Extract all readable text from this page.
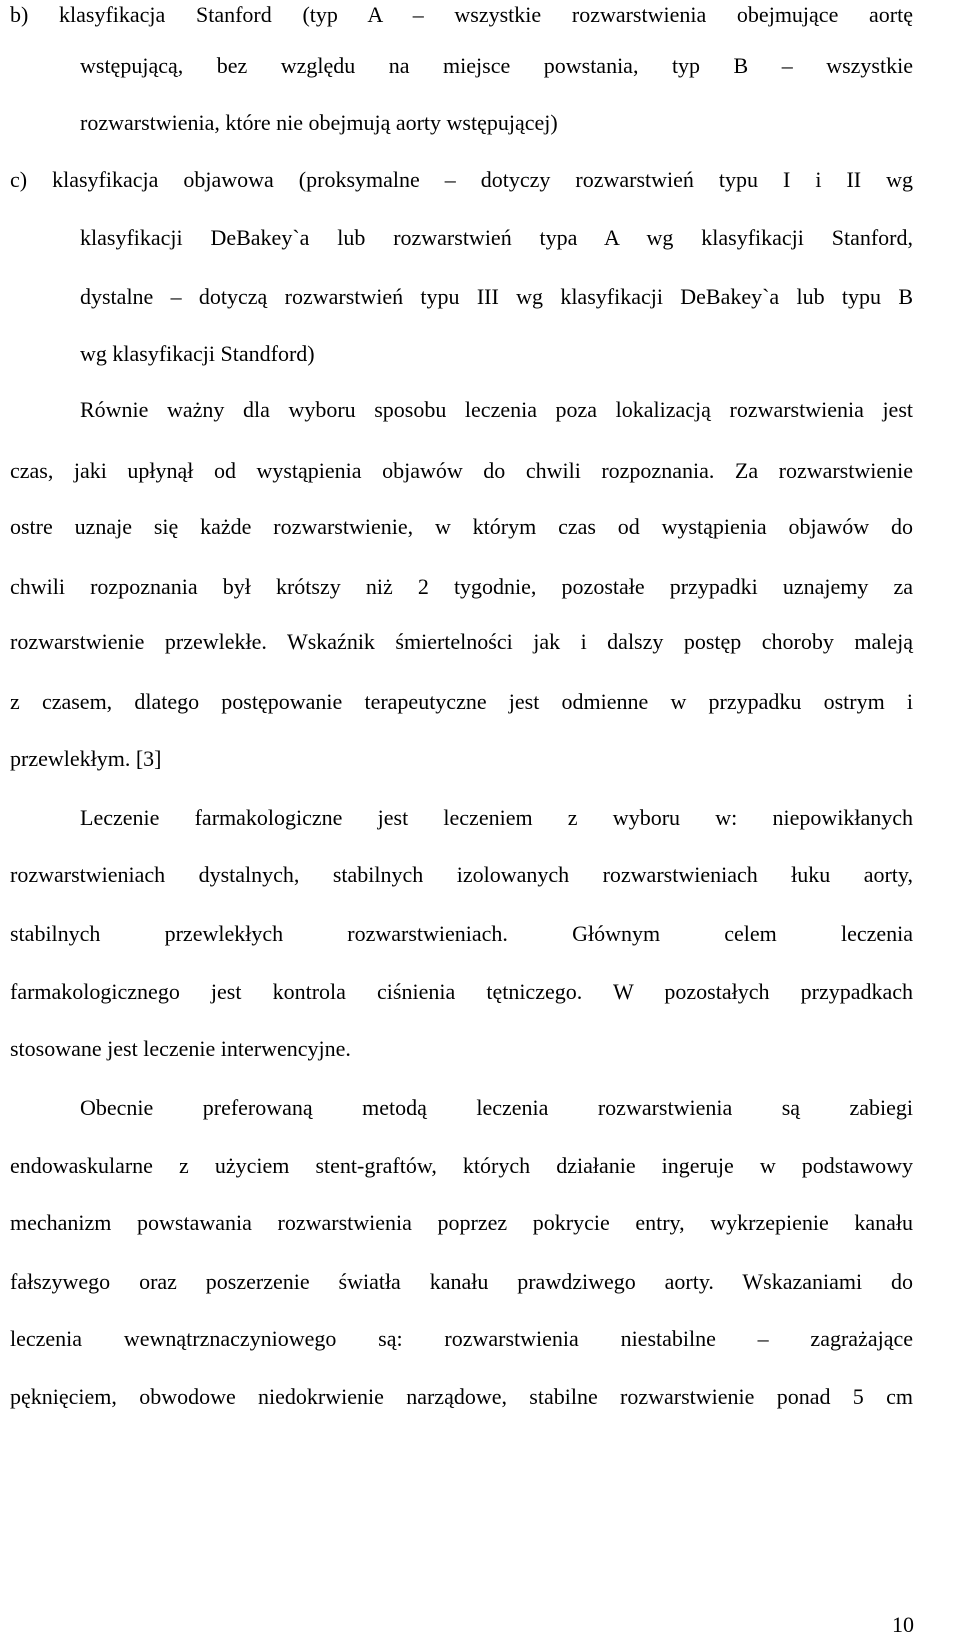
b) klasyfikacja Stanford (typ A – wszystkie rozwarstwienia obejmujące aortę
wstępującą, bez względu na miejsce powstania, typ B – wszystkie
rozwarstwienia, które nie obejmują aorty wstępującej)
c) klasyfikacja objawowa (proksymalne – dotyczy rozwarstwień typu I i II wg
klasyfikacji DeBakey`a lub rozwarstwień typa A wg klasyfikacji Stanford,
dystalne – dotyczą rozwarstwień typu III wg klasyfikacji DeBakey`a lub typu B
wg klasyfikacji Standford)
Równie ważny dla wyboru sposobu leczenia poza lokalizacją rozwarstwienia jest
czas, jaki upłynął od wystąpienia objawów do chwili rozpoznania. Za rozwarstwienie
ostre uznaje się każde rozwarstwienie, w którym czas od wystąpienia objawów do
chwili rozpoznania był krótszy niż 2 tygodnie, pozostałe przypadki uznajemy za
rozwarstwienie przewlekłe. Wskaźnik śmiertelności jak i dalszy postęp choroby maleją
z czasem, dlatego postępowanie terapeutyczne jest odmienne w przypadku ostrym i
przewlekłym. [3]
Leczenie farmakologiczne jest leczeniem z wyboru w: niepowikłanych
rozwarstwieniach dystalnych, stabilnych izolowanych rozwarstwieniach łuku aorty,
stabilnych przewlekłych rozwarstwieniach. Głównym celem leczenia
farmakologicznego jest kontrola ciśnienia tętniczego. W pozostałych przypadkach
stosowane jest leczenie interwencyjne.
Obecnie preferowaną metodą leczenia rozwarstwienia są zabiegi
endowaskularne z użyciem stent-graftów, których działanie ingeruje w podstawowy
mechanizm powstawania rozwarstwienia poprzez pokrycie entry, wykrzepienie kanału
fałszywego oraz poszerzenie światła kanału prawdziwego aorty. Wskazaniami do
leczenia wewnątrznaczyniowego są: rozwarstwienia niestabilne – zagrażające
pęknięciem, obwodowe niedokrwienie narządowe, stabilne rozwarstwienie ponad 5 cm
10
